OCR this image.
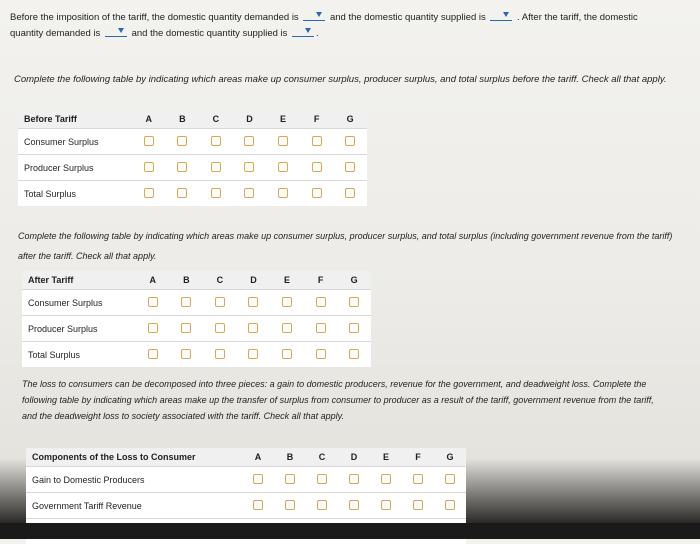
Before the imposition of the tariff, the domestic quantity demanded is	and the domestic quantity supplied is	. After the tariff, the domestic
quantity demanded is	and the domestic quantity supplied is	.
Complete the following table by indicating which areas make up consumer surplus, producer surplus, and total surplus before the tariff. Check all that apply.
Before Tariff	A	B	C	D	E	F	G
Consumer Surplus							
Producer Surplus							
Total Surplus							
Complete the following table by indicating which areas make up consumer surplus, producer surplus, and total surplus (including government revenue from the tariff) after the tariff. Check all that apply.
After Tariff	A	B	C	D	E	F	G
Consumer Surplus							
Producer Surplus							
Total Surplus							
The loss to consumers can be decomposed into three pieces: a gain to domestic producers, revenue for the government, and deadweight loss. Complete the following table by indicating which areas make up the transfer of surplus from consumer to producer as a result of the tariff, government revenue from the tariff, and the deadweight loss to society associated with the tariff. Check all that apply.
Components of the Loss to Consumer	A	B	C	D	E	F	G
Gain to Domestic Producers							
Government Tariff Revenue							
